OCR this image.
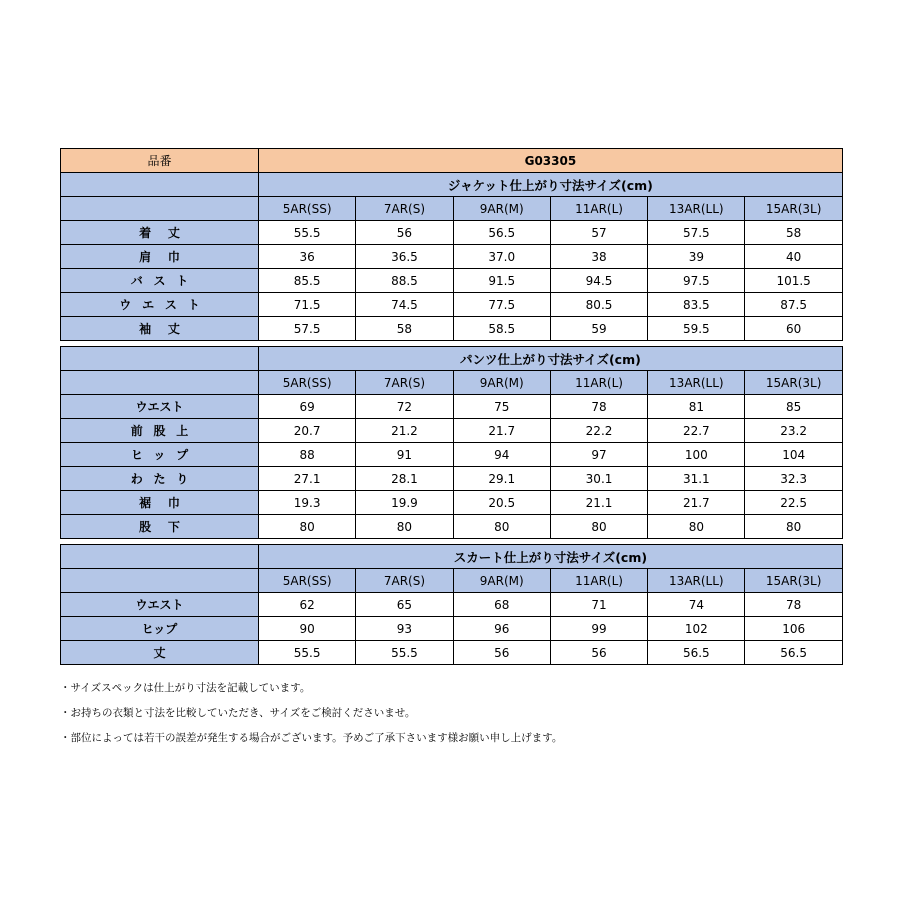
品番	G03305					
	ジャケット仕上がり寸法サイズ(cm)					
	5AR(SS)	7AR(S)	9AR(M)	11AR(L)	13AR(LL)	15AR(3L)
着丈	55.5	56	56.5	57	57.5	58
肩巾	36	36.5	37.0	38	39	40
バスト	85.5	88.5	91.5	94.5	97.5	101.5
ウエスト	71.5	74.5	77.5	80.5	83.5	87.5
袖丈	57.5	58	58.5	59	59.5	60

	パンツ仕上がり寸法サイズ(cm)					
	5AR(SS)	7AR(S)	9AR(M)	11AR(L)	13AR(LL)	15AR(3L)
ウエスト	69	72	75	78	81	85
前股上	20.7	21.2	21.7	22.2	22.7	23.2
ヒップ	88	91	94	97	100	104
わたり	27.1	28.1	29.1	30.1	31.1	32.3
裾巾	19.3	19.9	20.5	21.1	21.7	22.5
股下	80	80	80	80	80	80

	スカート仕上がり寸法サイズ(cm)					
	5AR(SS)	7AR(S)	9AR(M)	11AR(L)	13AR(LL)	15AR(3L)
ウエスト	62	65	68	71	74	78
ヒップ	90	93	96	99	102	106
丈	55.5	55.5	56	56	56.5	56.5

・サイズスペックは仕上がり寸法を記載しています。

・お持ちの衣類と寸法を比較していただき、サイズをご検討くださいませ。

・部位によっては若干の誤差が発生する場合がございます。予めご了承下さいます様お願い申し上げます。
